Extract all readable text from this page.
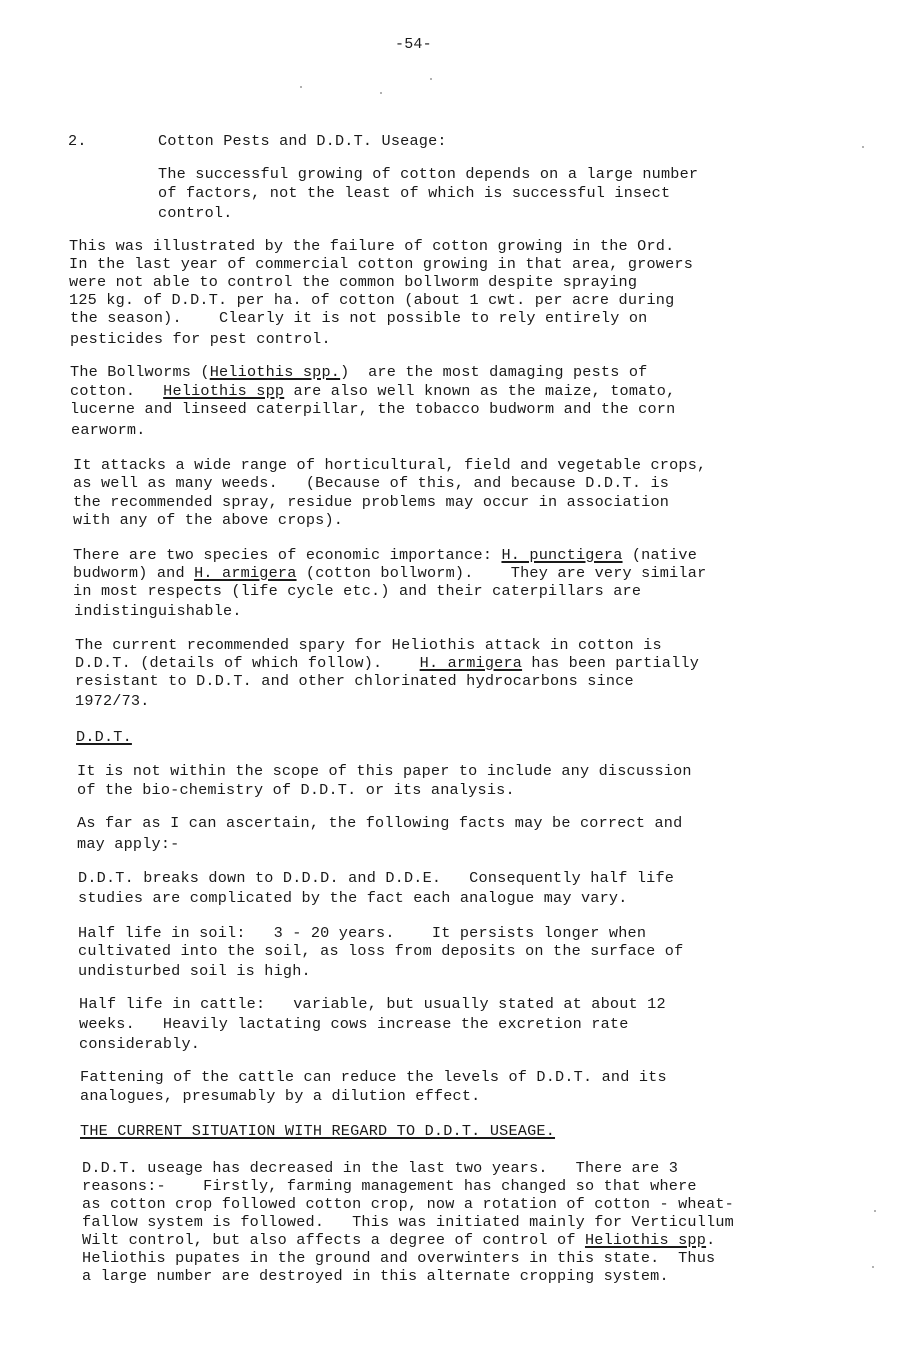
-54-
2.	Cotton Pests and D.D.T. Useage:
The successful growing of cotton depends on a large number
of factors, not the least of which is successful insect
control.
This was illustrated by the failure of cotton growing in the Ord.
In the last year of commercial cotton growing in that area, growers
were not able to control the common bollworm despite spraying
125 kg. of D.D.T. per ha. of cotton (about 1 cwt. per acre during
the season).    Clearly it is not possible to rely entirely on
pesticides for pest control.
The Bollworms (Heliothis spp.)  are the most damaging pests of
cotton.   Heliothis spp are also well known as the maize, tomato,
lucerne and linseed caterpillar, the tobacco budworm and the corn
earworm.
It attacks a wide range of horticultural, field and vegetable crops,
as well as many weeds.   (Because of this, and because D.D.T. is
the recommended spray, residue problems may occur in association
with any of the above crops).
There are two species of economic importance: H. punctigera (native
budworm) and H. armigera (cotton bollworm).    They are very similar
in most respects (life cycle etc.) and their caterpillars are
indistinguishable.
The current recommended spary for Heliothis attack in cotton is
D.D.T. (details of which follow).    H. armigera has been partially
resistant to D.D.T. and other chlorinated hydrocarbons since
1972/73.
D.D.T.
It is not within the scope of this paper to include any discussion
of the bio-chemistry of D.D.T. or its analysis.
As far as I can ascertain, the following facts may be correct and
may apply:-
D.D.T. breaks down to D.D.D. and D.D.E.   Consequently half life
studies are complicated by the fact each analogue may vary.
Half life in soil:   3 - 20 years.    It persists longer when
cultivated into the soil, as loss from deposits on the surface of
undisturbed soil is high.
Half life in cattle:   variable, but usually stated at about 12
weeks.   Heavily lactating cows increase the excretion rate
considerably.
Fattening of the cattle can reduce the levels of D.D.T. and its
analogues, presumably by a dilution effect.
THE CURRENT SITUATION WITH REGARD TO D.D.T. USEAGE.
D.D.T. useage has decreased in the last two years.   There are 3
reasons:-    Firstly, farming management has changed so that where
as cotton crop followed cotton crop, now a rotation of cotton - wheat-
fallow system is followed.   This was initiated mainly for Verticullum
Wilt control, but also affects a degree of control of Heliothis spp.
Heliothis pupates in the ground and overwinters in this state.  Thus
a large number are destroyed in this alternate cropping system.
